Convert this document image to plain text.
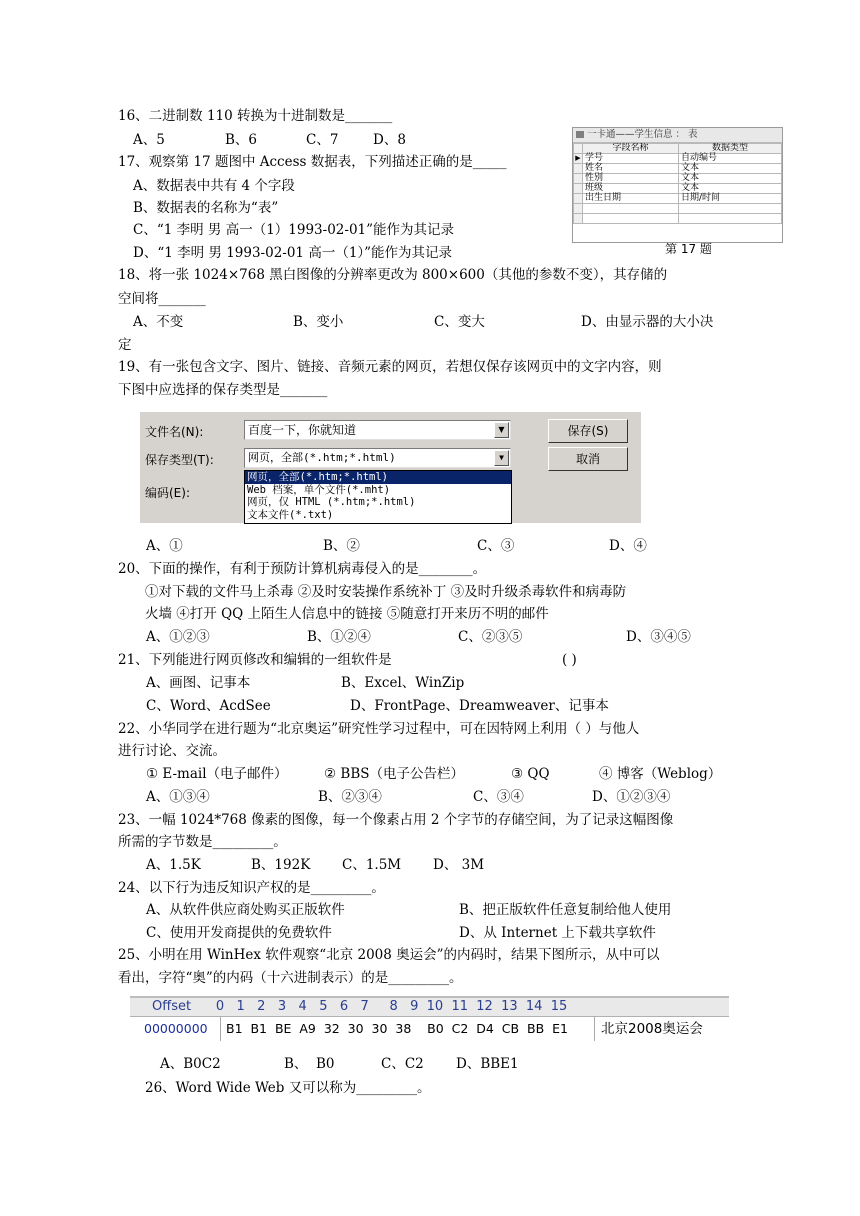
16、二进制数 110 转换为十进制数是_______
A、5	B、6	C、7	D、8
17、观察第 17 题图中 Access 数据表，下列描述正确的是_____
A、数据表中共有 4 个字段
B、数据表的名称为“表”
C、“1 李明 男 高一（1）1993-02-01”能作为其记录
D、“1 李明 男 1993-02-01 高一（1）”能作为其记录
一卡通——学生信息 ： 表
	字段名称	数据类型
▶	学号	自动编号
	姓名	文本
	性别	文本
	班级	文本
	出生日期	日期/时间

第 17 题
18、将一张 1024×768 黑白图像的分辨率更改为 800×600（其他的参数不变），其存储的
空间将_______
A、不变	B、变小	C、变大	D、由显示器的大小决
定
19、有一张包含文字、图片、链接、音频元素的网页，若想仅保存该网页中的文字内容，则
下图中应选择的保存类型是_______
文件名(N):	百度一下，你就知道	▼
保存类型(T):	网页，全部(*.htm;*.html)	▼
编码(E):
网页，全部(*.htm;*.html)
Web 档案，单个文件(*.mht)
网页，仅 HTML (*.htm;*.html)
文本文件(*.txt)
保存(S)
取消
A、①	B、②	C、③	D、④
20、下面的操作，有利于预防计算机病毒侵入的是________。
①对下载的文件马上杀毒 ②及时安装操作系统补丁 ③及时升级杀毒软件和病毒防
火墙 ④打开 QQ 上陌生人信息中的链接 ⑤随意打开来历不明的邮件
A、①②③	B、①②④	C、②③⑤	D、③④⑤
21、下列能进行网页修改和编辑的一组软件是	( )
A、画图、记事本	B、Excel、WinZip
C、Word、AcdSee	D、FrontPage、Dreamweaver、记事本
22、小华同学在进行题为“北京奥运”研究性学习过程中，可在因特网上利用（ ）与他人
进行讨论、交流。
① E-mail（电子邮件）	② BBS（电子公告栏）	③ QQ	④ 博客（Weblog）
A、①③④	B、②③④	C、③④	D、①②③④
23、一幅 1024*768 像素的图像，每一个像素占用 2 个字节的存储空间，为了记录这幅图像
所需的字节数是_________。
A、1.5K	B、192K C、1.5M D、 3M
24、以下行为违反知识产权的是_________。
A、从软件供应商处购买正版软件	B、把正版软件任意复制给他人使用
C、使用开发商提供的免费软件	D、从 Internet 上下载共享软件
25、小明在用 WinHex 软件观察“北京 2008 奥运会”的内码时，结果下图所示，从中可以
看出，字符“奥”的内码（十六进制表示）的是_________。
Offset      0   1   2   3   4   5   6   7     8   9  10  11  12  13  14  15
00000000 B1  B1  BE  A9  32  30  30  38    B0  C2  D4  CB  BB  E1 北京2008奥运会
A、B0C2	B、  B0	C、C2 D、BBE1
26、Word Wide Web 又可以称为_________。
